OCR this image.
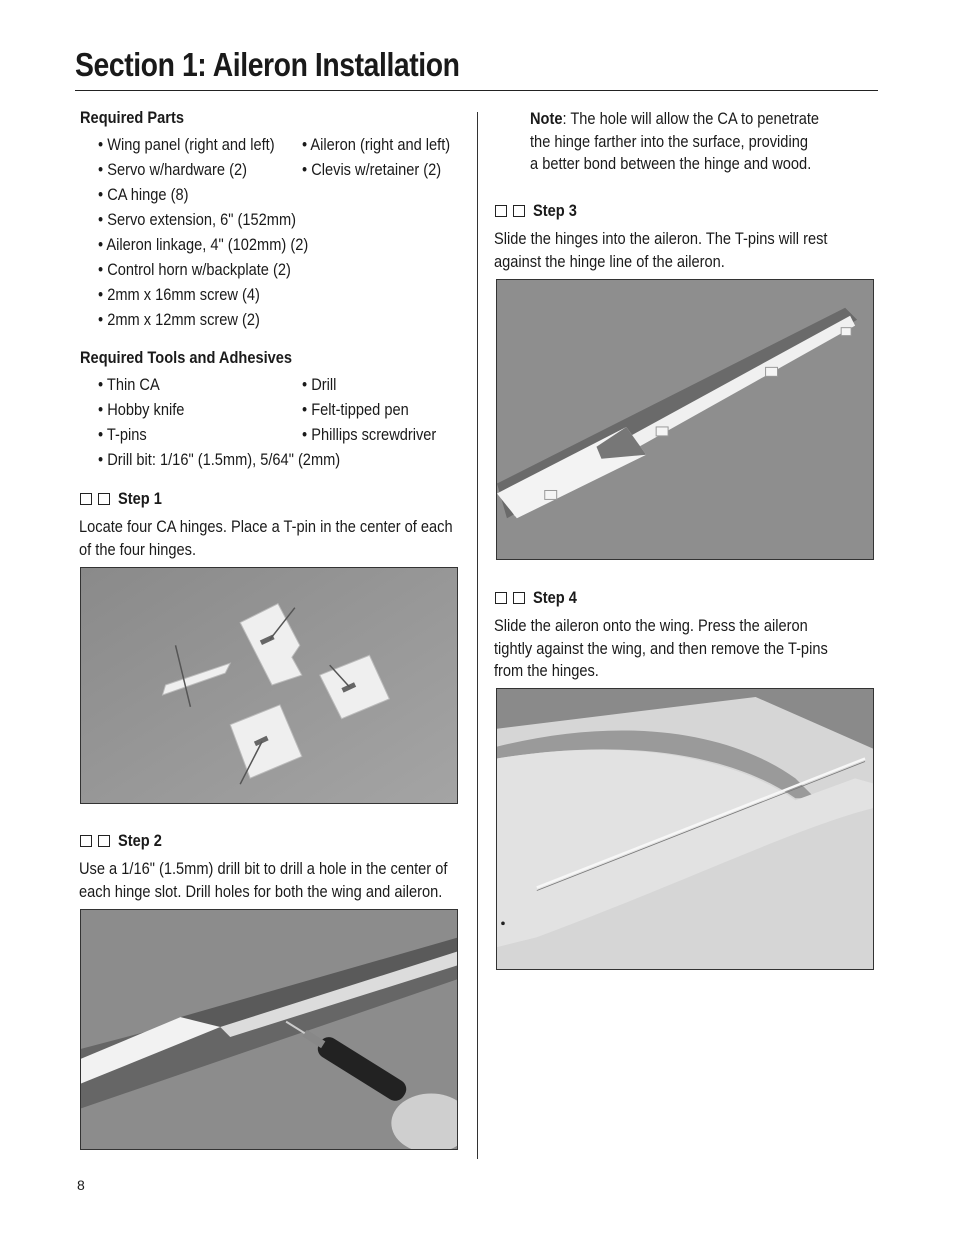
Section 1: Aileron Installation
Required Parts
• Wing panel (right and left)	• Aileron (right and left)
• Servo w/hardware (2)	• Clevis w/retainer (2)
• CA hinge (8)
• Servo extension, 6" (152mm)
• Aileron linkage, 4" (102mm) (2)
• Control horn w/backplate (2)
• 2mm x 16mm screw (4)
• 2mm x 12mm screw (2)
Required Tools and Adhesives
• Thin CA	• Drill
• Hobby knife	• Felt-tipped pen
• T-pins	• Phillips screwdriver
• Drill bit: 1/16" (1.5mm), 5/64" (2mm)
Step 1
Locate four CA hinges. Place a T-pin in the center of each
of the four hinges.
Step 2
Use a 1/16" (1.5mm) drill bit to drill a hole in the center of
each hinge slot. Drill holes for both the wing and aileron.
Note: The hole will allow the CA to penetrate
the hinge farther into the surface, providing
a better bond between the hinge and wood.
Step 3
Slide the hinges into the aileron. The T-pins will rest
against the hinge line of the aileron.
Step 4
Slide the aileron onto the wing. Press the aileron
tightly against the wing, and then remove the T-pins
from the hinges.
8
